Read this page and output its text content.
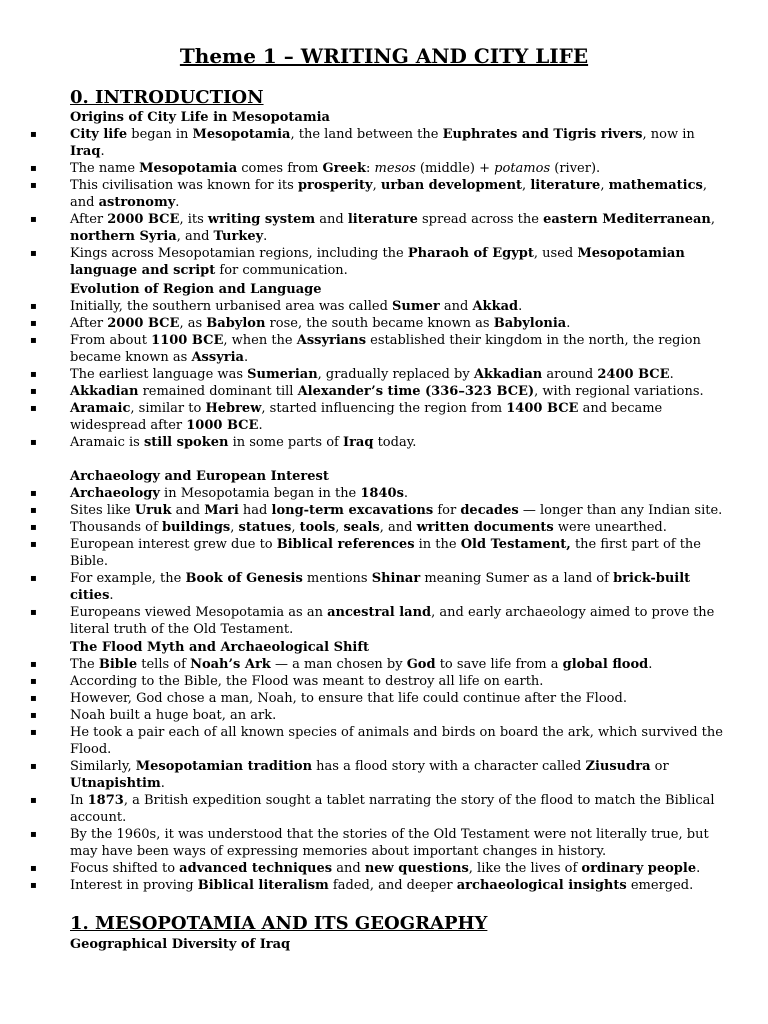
Theme 1 – WRITING AND CITY LIFE
0. INTRODUCTION
Origins of City Life in Mesopotamia
▪	City life began in Mesopotamia, the land between the Euphrates and Tigris rivers, now in Iraq.
▪	The name Mesopotamia comes from Greek: mesos (middle) + potamos (river).
▪	This civilisation was known for its prosperity, urban development, literature, mathematics, and astronomy.
▪	After 2000 BCE, its writing system and literature spread across the eastern Mediterranean, northern Syria, and Turkey.
▪	Kings across Mesopotamian regions, including the Pharaoh of Egypt, used Mesopotamian language and script for communication.
Evolution of Region and Language
▪	Initially, the southern urbanised area was called Sumer and Akkad.
▪	After 2000 BCE, as Babylon rose, the south became known as Babylonia.
▪	From about 1100 BCE, when the Assyrians established their kingdom in the north, the region became known as Assyria.
▪	The earliest language was Sumerian, gradually replaced by Akkadian around 2400 BCE.
▪	Akkadian remained dominant till Alexander’s time (336–323 BCE), with regional variations.
▪	Aramaic, similar to Hebrew, started influencing the region from 1400 BCE and became widespread after 1000 BCE.
▪	Aramaic is still spoken in some parts of Iraq today.
Archaeology and European Interest
▪	Archaeology in Mesopotamia began in the 1840s.
▪	Sites like Uruk and Mari had long-term excavations for decades — longer than any Indian site.
▪	Thousands of buildings, statues, tools, seals, and written documents were unearthed.
▪	European interest grew due to Biblical references in the Old Testament, the first part of the Bible.
▪	For example, the Book of Genesis mentions Shinar meaning Sumer as a land of brick-built cities.
▪	Europeans viewed Mesopotamia as an ancestral land, and early archaeology aimed to prove the literal truth of the Old Testament.
The Flood Myth and Archaeological Shift
▪	The Bible tells of Noah’s Ark — a man chosen by God to save life from a global flood.
▪	According to the Bible, the Flood was meant to destroy all life on earth.
▪	However, God chose a man, Noah, to ensure that life could continue after the Flood.
▪	Noah built a huge boat, an ark.
▪	He took a pair each of all known species of animals and birds on board the ark, which survived the Flood.
▪	Similarly, Mesopotamian tradition has a flood story with a character called Ziusudra or Utnapishtim.
▪	In 1873, a British expedition sought a tablet narrating the story of the flood to match the Biblical account.
▪	By the 1960s, it was understood that the stories of the Old Testament were not literally true, but may have been ways of expressing memories about important changes in history.
▪	Focus shifted to advanced techniques and new questions, like the lives of ordinary people.
▪	Interest in proving Biblical literalism faded, and deeper archaeological insights emerged.
1. MESOPOTAMIA AND ITS GEOGRAPHY
Geographical Diversity of Iraq
